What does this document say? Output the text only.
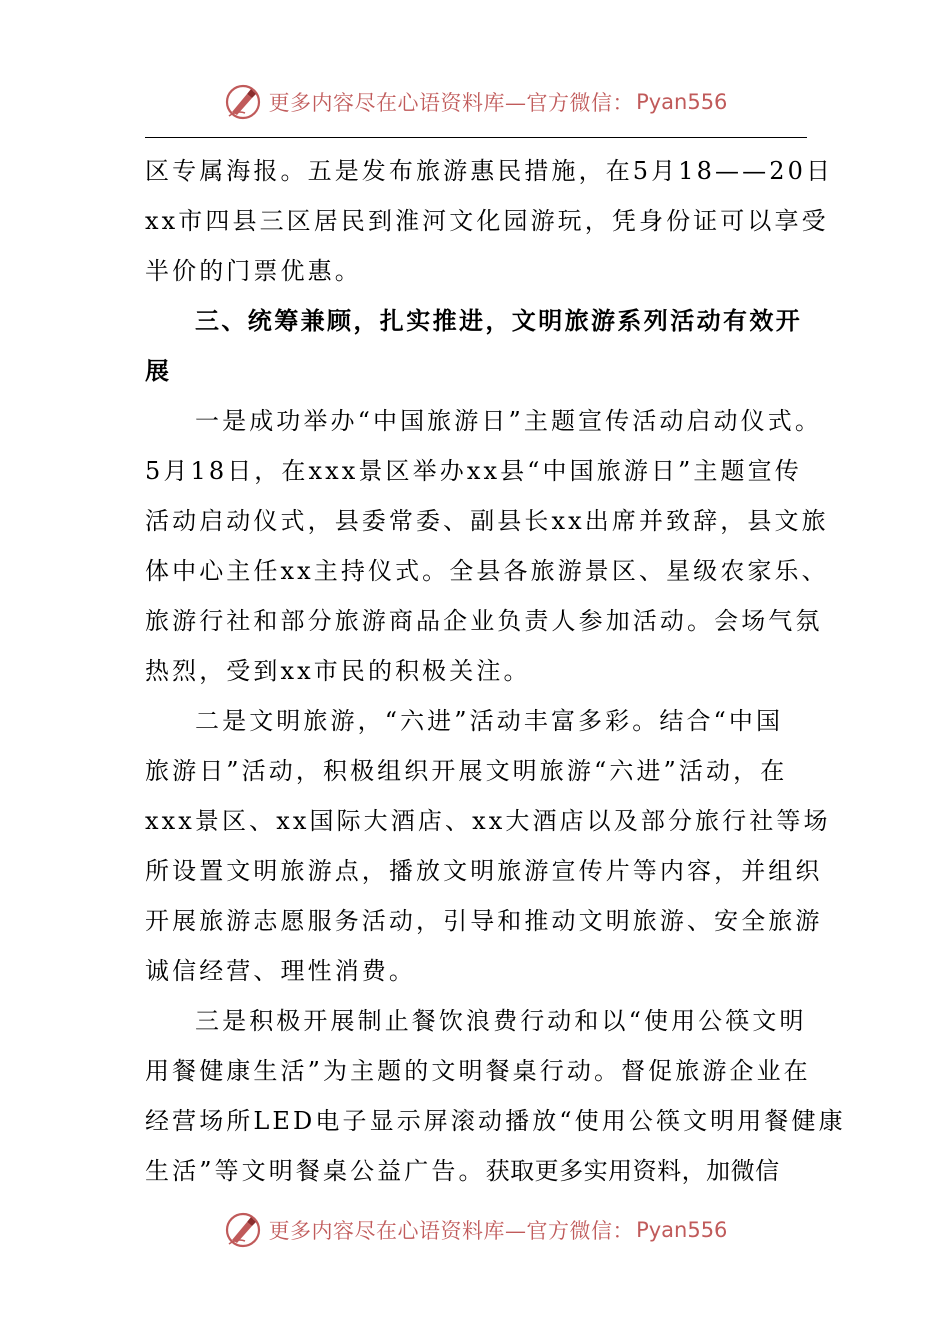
更多内容尽在心语资料库—官方微信： Pyan556
区专属海报。五是发布旅游惠民措施，在5月18——20日
xx市四县三区居民到淮河文化园游玩，凭身份证可以享受
半价的门票优惠。
三、统筹兼顾，扎实推进，文明旅游系列活动有效开
展
一是成功举办“中国旅游日”主题宣传活动启动仪式。
5月18日，在xxx景区举办xx县“中国旅游日”主题宣传
活动启动仪式，县委常委、副县长xx出席并致辞，县文旅
体中心主任xx主持仪式。全县各旅游景区、星级农家乐、
旅游行社和部分旅游商品企业负责人参加活动。会场气氛
热烈，受到xx市民的积极关注。
二是文明旅游，“六进”活动丰富多彩。结合“中国
旅游日”活动，积极组织开展文明旅游“六进”活动，在
xxx景区、xx国际大酒店、xx大酒店以及部分旅行社等场
所设置文明旅游点，播放文明旅游宣传片等内容，并组织
开展旅游志愿服务活动，引导和推动文明旅游、安全旅游
诚信经营、理性消费。
三是积极开展制止餐饮浪费行动和以“使用公筷文明
用餐健康生活”为主题的文明餐桌行动。督促旅游企业在
经营场所LED电子显示屏滚动播放“使用公筷文明用餐健康
生活”等文明餐桌公益广告。获取更多实用资料，加微信
更多内容尽在心语资料库—官方微信： Pyan556
